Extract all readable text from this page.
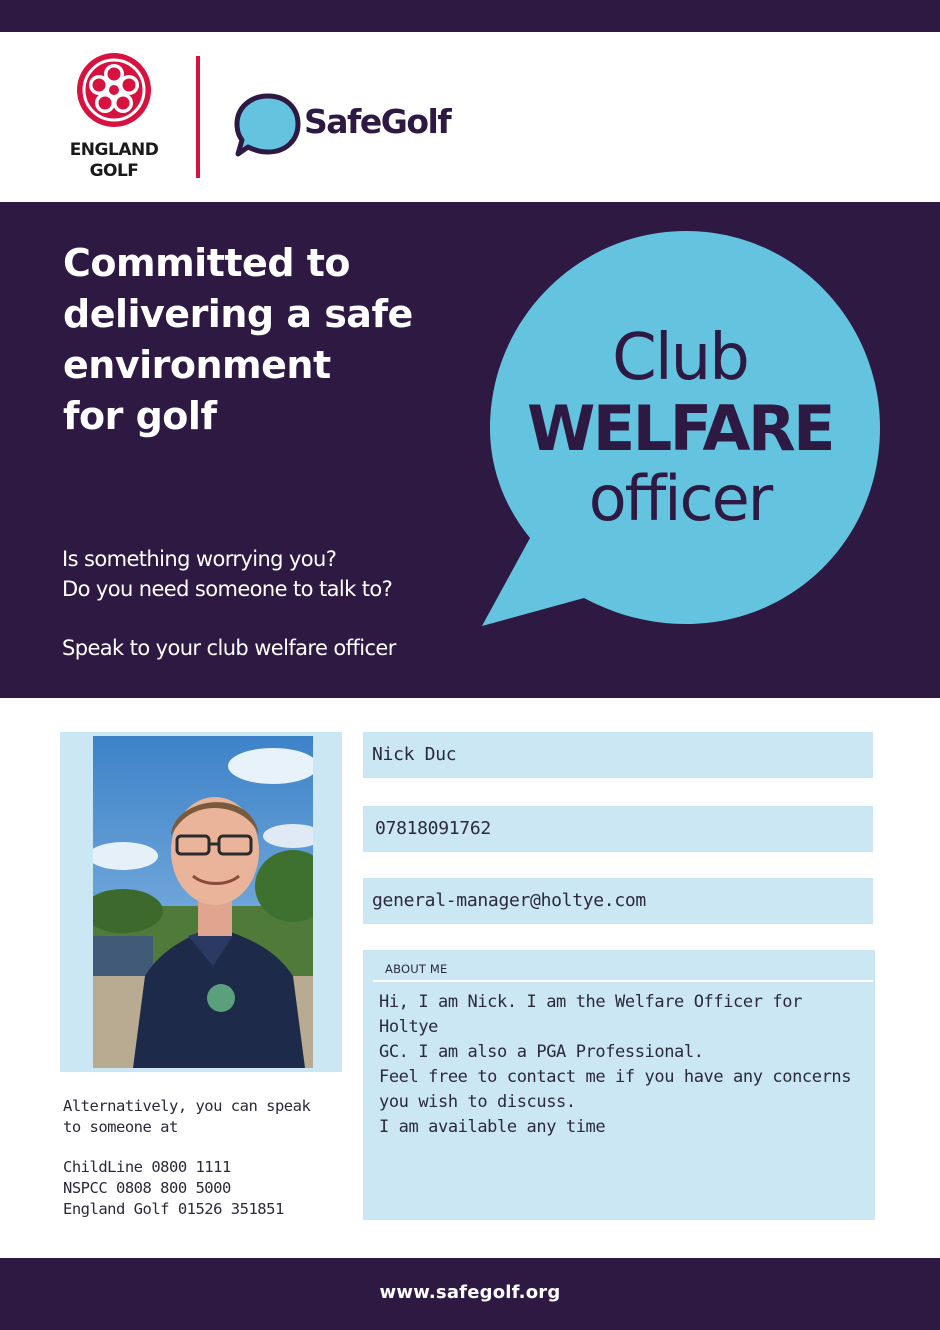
ENGLAND
GOLF
SafeGolf
Committed to
delivering a safe
environment
for golf
Club
WELFARE
officer
Is something worrying you?
Do you need someone to talk to?
Speak to your club welfare officer
Alternatively, you can speak
to someone at
ChildLine 0800 1111
NSPCC 0808 800 5000
England Golf 01526 351851
Nick Duc
07818091762
general-manager@holtye.com
ABOUT ME
Hi, I am Nick. I am the Welfare Officer for Holtye
GC. I am also a PGA Professional.
Feel free to contact me if you have any concerns
you wish to discuss.
I am available any time
www.safegolf.org
